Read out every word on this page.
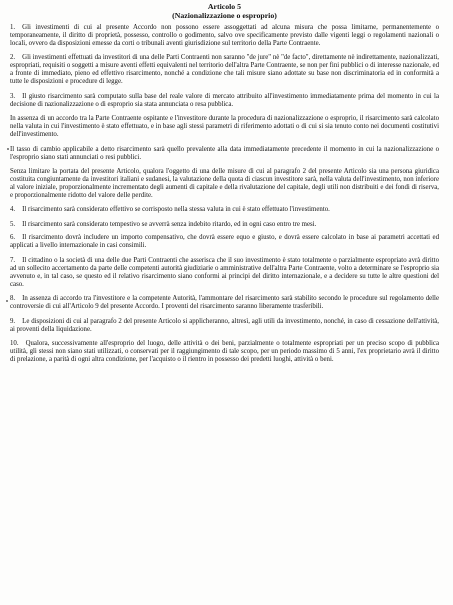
Articolo 5

(Nazionalizzazione o esproprio)

1. Gli investimenti di cui al presente Accordo non possono essere assoggettati ad alcuna misura che possa limitarne, permanentemente o temporaneamente, il diritto di proprietà, possesso, controllo o godimento, salvo ove specificamente previsto dalle vigenti leggi o regolamenti nazionali o locali, ovvero da disposizioni emesse da corti o tribunali aventi giurisdizione sul territorio della Parte Contraente.

2. Gli investimenti effettuati da investitori di una delle Parti Contraenti non saranno "de jure" nè "de facto", direttamente nè indirettamente, nazionalizzati, espropriati, requisiti o soggetti a misure aventi effetti equivalenti nel territorio dell'altra Parte Contraente, se non per fini pubblici o di interesse nazionale, ed a fronte di immediato, pieno ed effettivo risarcimento, nonché a condizione che tali misure siano adottate su base non discriminatoria ed in conformità a tutte le disposizioni e procedure di legge.

3. Il giusto risarcimento sarà computato sulla base del reale valore di mercato attribuito all'investimento immediatamente prima del momento in cui la decisione di nazionalizzazione o di esproprio sia stata annunciata o resa pubblica.

In assenza di un accordo tra la Parte Contraente ospitante e l'investitore durante la procedura di nazionalizzazione o esproprio, il risarcimento sarà calcolato nella valuta in cui l'investimento è stato effettuato, e in base agli stessi parametri di riferimento adottati o di cui si sia tenuto conto nei documenti costitutivi dell'investimento.

Il tasso di cambio applicabile a detto risarcimento sarà quello prevalente alla data immediatamente precedente il momento in cui la nazionalizzazione o l'esproprio siano stati annunciati o resi pubblici.

Senza limitare la portata del presente Articolo, qualora l'oggetto di una delle misure di cui al paragrafo 2 del presente Articolo sia una persona giuridica costituita congiuntamente da investitori italiani e sudanesi, la valutazione della quota di ciascun investitore sarà, nella valuta dell'investimento, non inferiore al valore iniziale, proporzionalmente incrementato degli aumenti di capitale e della rivalutazione del capitale, degli utili non distribuiti e dei fondi di riserva, e proporzionalmente ridotto del valore delle perdite.

4. Il risarcimento sarà considerato effettivo se corrisposto nella stessa valuta in cui è stato effettuato l'investimento.

5. Il risarcimento sarà considerato tempestivo se avverrà senza indebito ritardo, ed in ogni caso entro tre mesi.

6. Il risarcimento dovrà includere un importo compensativo, che dovrà essere equo e giusto, e dovrà essere calcolato in base ai parametri accettati ed applicati a livello internazionale in casi consimili.

7. Il cittadino o la società di una delle due Parti Contraenti che asserisca che il suo investimento è stato totalmente o parzialmente espropriato avrà diritto ad un sollecito accertamento da parte delle competenti autorità giudiziarie o amministrative dell'altra Parte Contraente, volto a determinare se l'esproprio sia avvenuto e, in tal caso, se questo ed il relativo risarcimento siano conformi ai principi del diritto internazionale, e a decidere su tutte le altre questioni del caso.

8. In assenza di accordo tra l'investitore e la competente Autorità, l'ammontare del risarcimento sarà stabilito secondo le procedure sul regolamento delle controversie di cui all'Articolo 9 del presente Accordo. I proventi del risarcimento saranno liberamente trasferibili.

9. Le disposizioni di cui al paragrafo 2 del presente Articolo si applicheranno, altresì, agli utili da investimento, nonché, in caso di cessazione dell'attività, ai proventi della liquidazione.

10. Qualora, successivamente all'esproprio del luogo, delle attività o dei beni, parzialmente o totalmente espropriati per un preciso scopo di pubblica utilità, gli stessi non siano stati utilizzati, o conservati per il raggiungimento di tale scopo, per un periodo massimo di 5 anni, l'ex proprietario avrà il diritto di prelazione, a parità di ogni altra condizione, per l'acquisto o il rientro in possesso dei predetti luoghi, attività o beni.
